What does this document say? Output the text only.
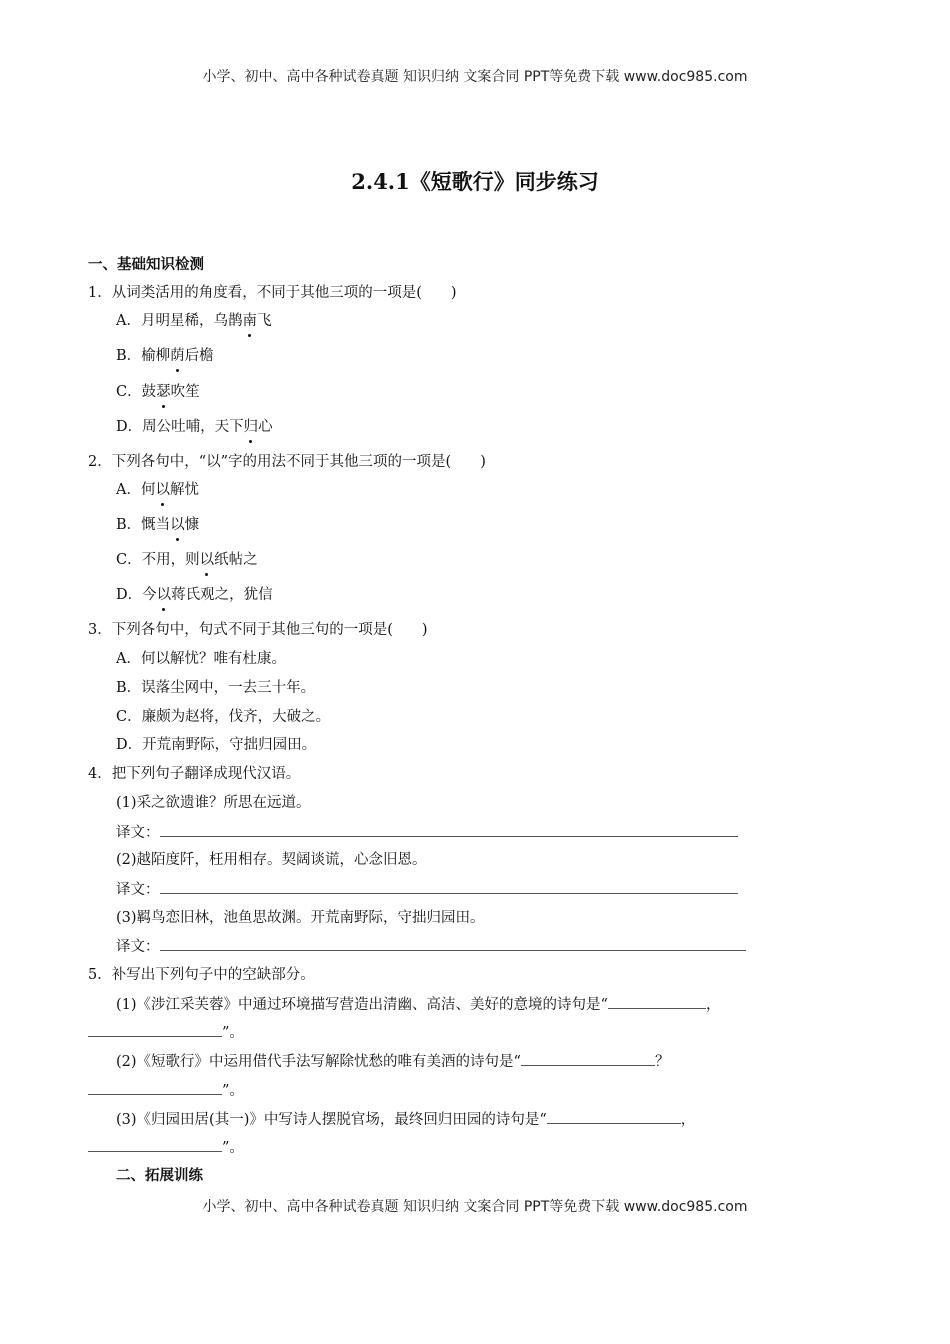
小学、初中、高中各种试卷真题 知识归纳 文案合同 PPT等免费下载 www.doc985.com
2.4.1《短歌行》同步练习
一、基础知识检测
1．从词类活用的角度看，不同于其他三项的一项是(　　)
A．月明星稀，乌鹊南飞
B．榆柳荫后檐
C．鼓瑟吹笙
D．周公吐哺，天下归心
2．下列各句中，“以”字的用法不同于其他三项的一项是(　　)
A．何以解忧
B．慨当以慷
C．不用，则以纸帖之
D．今以蒋氏观之，犹信
3．下列各句中，句式不同于其他三句的一项是(　　)
A．何以解忧？唯有杜康。
B．误落尘网中，一去三十年。
C．廉颇为赵将，伐齐，大破之。
D．开荒南野际，守拙归园田。
4．把下列句子翻译成现代汉语。
(1)采之欲遗谁？所思在远道。
译文：
(2)越陌度阡，枉用相存。契阔谈谎，心念旧恩。
译文：
(3)羁鸟恋旧林，池鱼思故渊。开荒南野际，守拙归园田。
译文：
5．补写出下列句子中的空缺部分。
(1)《涉江采芙蓉》中通过环境描写营造出清幽、高洁、美好的意境的诗句是“	，
”。
(2)《短歌行》中运用借代手法写解除忧愁的唯有美酒的诗句是“	？
”。
(3)《归园田居(其一)》中写诗人摆脱官场，最终回归田园的诗句是“	，
”。
二、拓展训练
小学、初中、高中各种试卷真题 知识归纳 文案合同 PPT等免费下载 www.doc985.com
